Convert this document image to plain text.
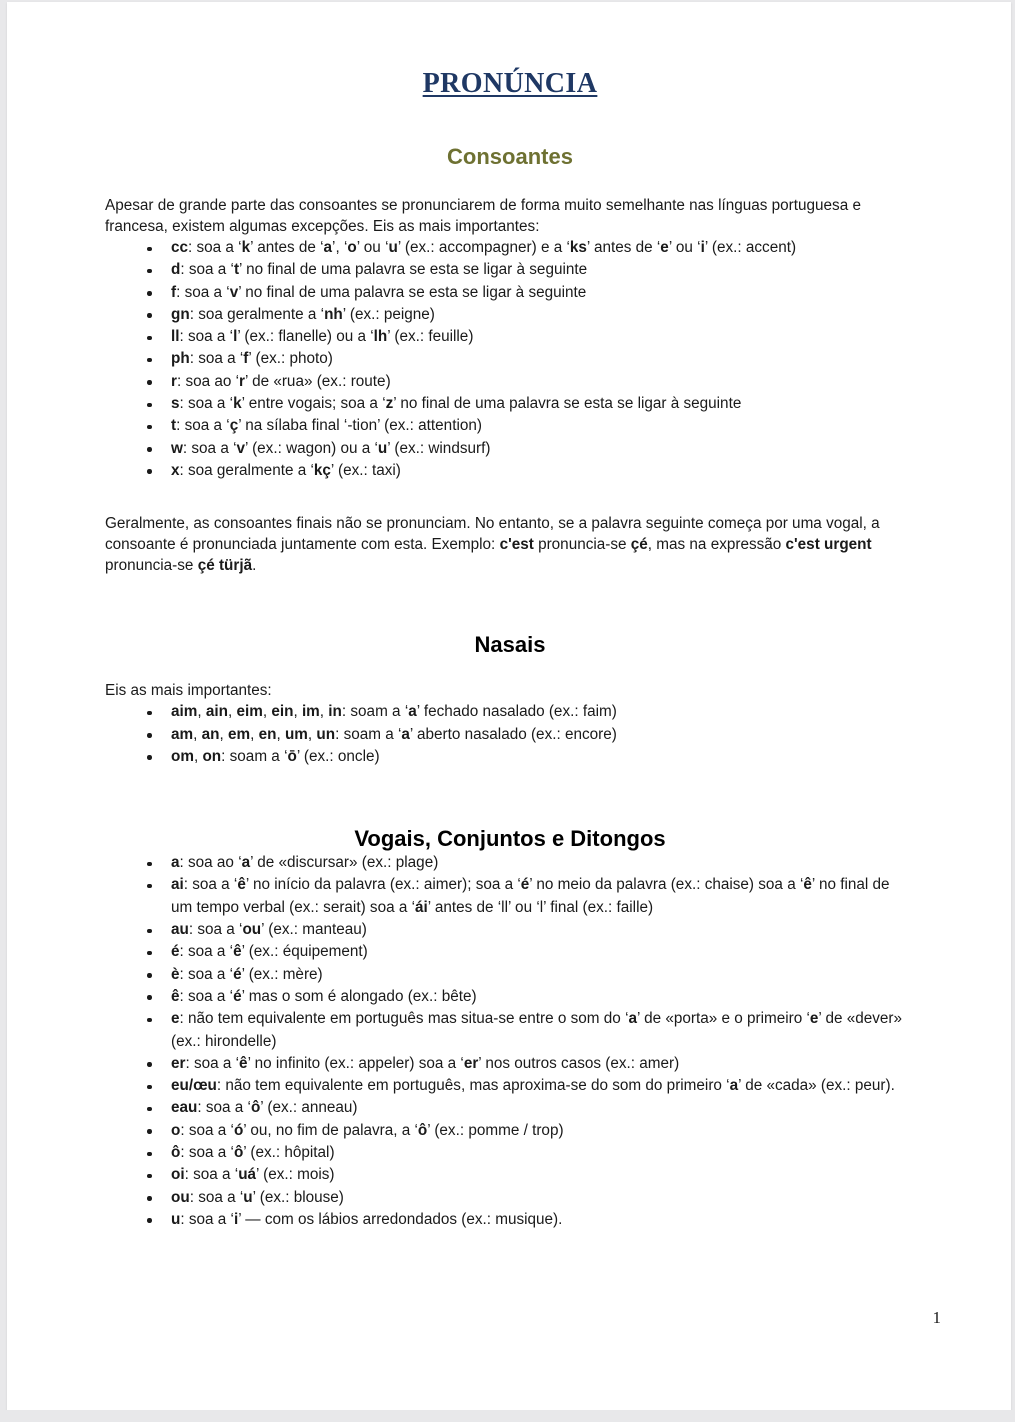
PRONÚNCIA
Consoantes

Apesar de grande parte das consoantes se pronunciarem de forma muito semelhante nas línguas portuguesa e francesa, existem algumas excepções. Eis as mais importantes:

cc: soa a ‘k’ antes de ‘a’, ‘o’ ou ‘u’ (ex.: accompagner) e a ‘ks’ antes de ‘e’ ou ‘i’ (ex.: accent)
d: soa a ‘t’ no final de uma palavra se esta se ligar à seguinte
f: soa a ‘v’ no final de uma palavra se esta se ligar à seguinte
gn: soa geralmente a ‘nh’ (ex.: peigne)
ll: soa a ‘l’ (ex.: flanelle) ou a ‘lh’ (ex.: feuille)
ph: soa a ‘f’ (ex.: photo)
r: soa ao ‘r’ de «rua» (ex.: route)
s: soa a ‘k’ entre vogais; soa a ‘z’ no final de uma palavra se esta se ligar à seguinte
t: soa a ‘ç’ na sílaba final ‘-tion’ (ex.: attention)
w: soa a ‘v’ (ex.: wagon) ou a ‘u’ (ex.: windsurf)
x: soa geralmente a ‘kç’ (ex.: taxi)

Geralmente, as consoantes finais não se pronunciam. No entanto, se a palavra seguinte começa por uma vogal, a consoante é pronunciada juntamente com esta. Exemplo: c'est pronuncia-se çé, mas na expressão c'est urgent pronuncia-se çé türjã.

Nasais

Eis as mais importantes:

aim, ain, eim, ein, im, in: soam a ‘a’ fechado nasalado (ex.: faim)
am, an, em, en, um, un: soam a ‘a’ aberto nasalado (ex.: encore)
om, on: soam a ‘ō’ (ex.: oncle)
Vogais, Conjuntos e Ditongos
a: soa ao ‘a’ de «discursar» (ex.: plage)
ai: soa a ‘ê’ no início da palavra (ex.: aimer); soa a ‘é’ no meio da palavra (ex.: chaise) soa a ‘ê’ no final de um tempo verbal (ex.: serait) soa a ‘ái’ antes de ‘ll’ ou ‘l’ final (ex.: faille)
au: soa a ‘ou’ (ex.: manteau)
é: soa a ‘ê’ (ex.: équipement)
è: soa a ‘é’ (ex.: mère)
ê: soa a ‘é’ mas o som é alongado (ex.: bête)
e: não tem equivalente em português mas situa-se entre o som do ‘a’ de «porta» e o primeiro ‘e’ de «dever» (ex.: hirondelle)
er: soa a ‘ê’ no infinito (ex.: appeler) soa a ‘er’ nos outros casos (ex.: amer)
eu/œu: não tem equivalente em português, mas aproxima-se do som do primeiro ‘a’ de «cada» (ex.: peur).
eau: soa a ‘ô’ (ex.: anneau)
o: soa a ‘ó’ ou, no fim de palavra, a ‘ô’ (ex.: pomme / trop)
ô: soa a ‘ô’ (ex.: hôpital)
oi: soa a ‘uá’ (ex.: mois)
ou: soa a ‘u’ (ex.: blouse)
u: soa a ‘i’ — com os lábios arredondados (ex.: musique).
1
